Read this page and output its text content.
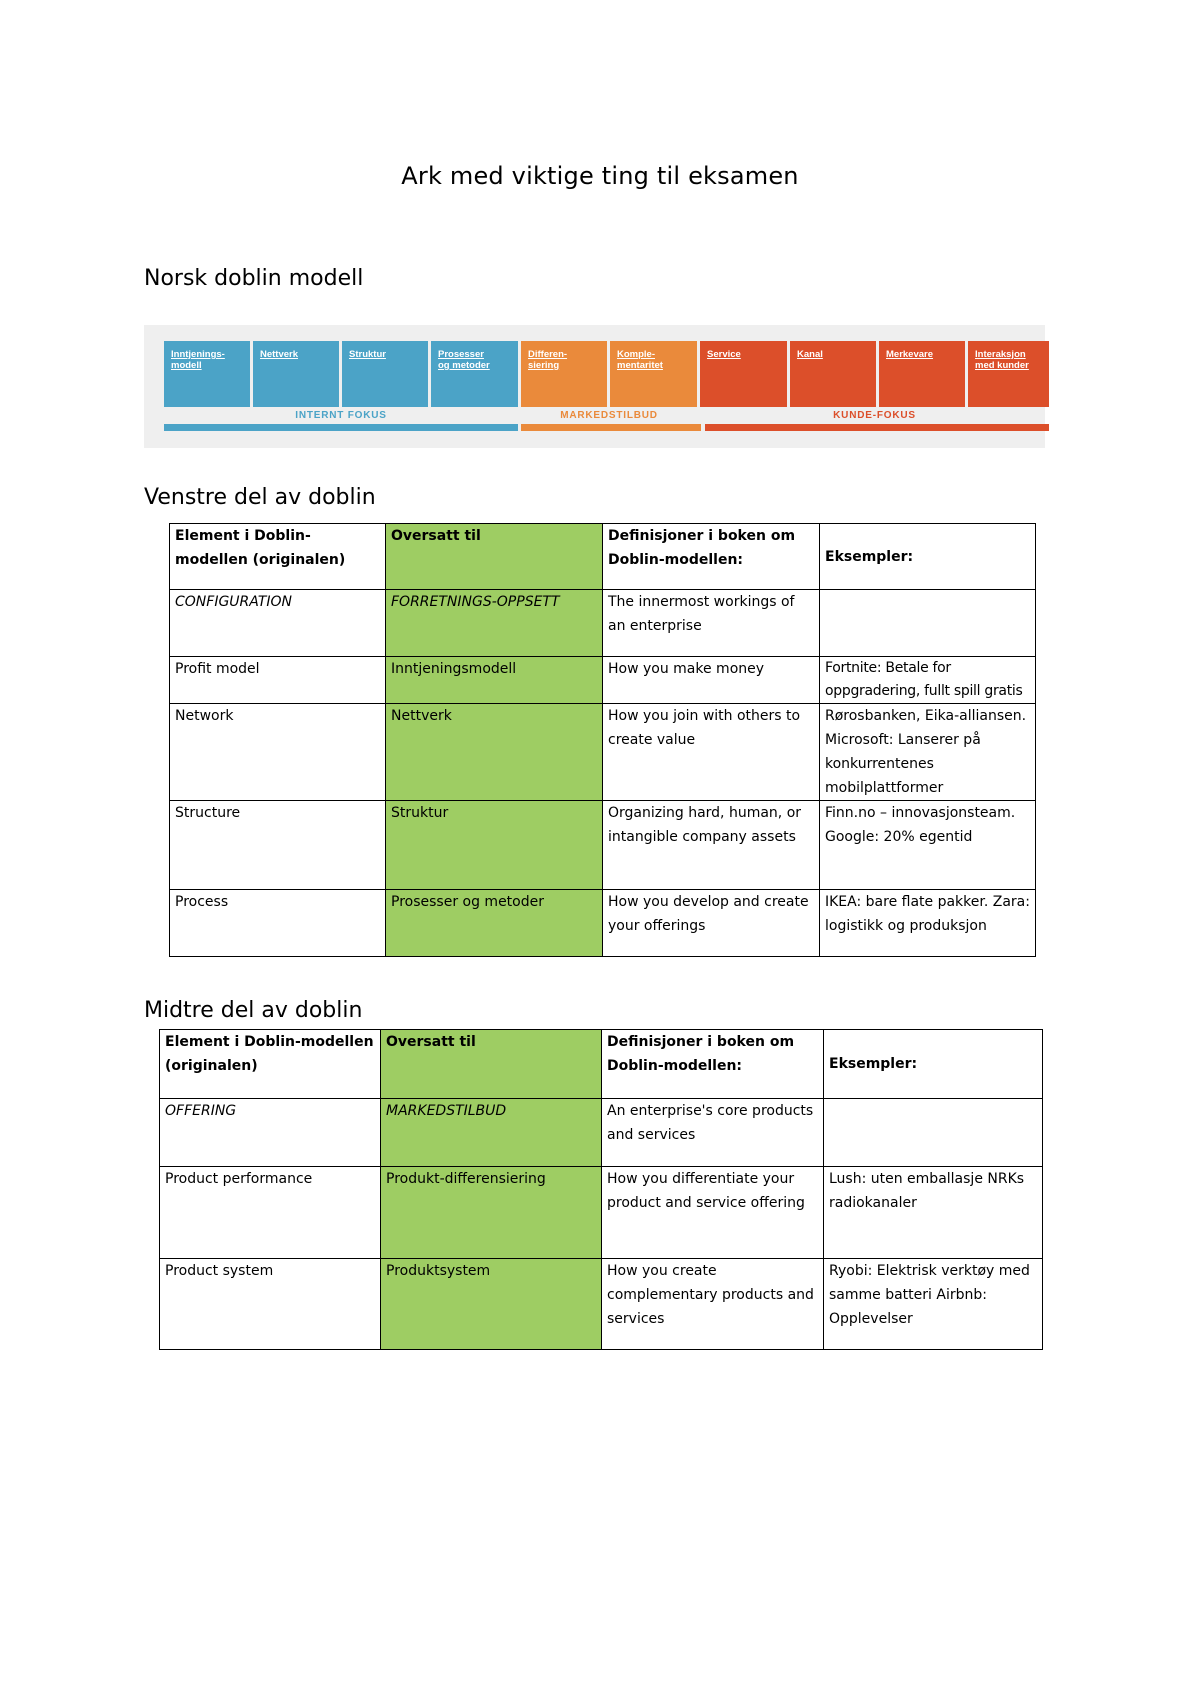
Ark med viktige ting til eksamen
Norsk doblin modell
Inntjenings-
modell
Nettverk	Struktur	Prosesser
og metoder
Differen-
siering
Komple-
mentaritet
Service	Kanal	Merkevare	Interaksjon
med kunder
INTERNT FOKUS	MARKEDSTILBUD	KUNDE-FOKUS
Venstre del av doblin
Element i Doblin-modellen (originalen)	Oversatt til	Definisjoner i boken om Doblin-modellen:	Eksempler:
CONFIGURATION	FORRETNINGS-OPPSETT	The innermost workings of an enterprise	
Profit model	Inntjeningsmodell	How you make money	Fortnite: Betale for oppgradering, fullt spill gratis
Network	Nettverk	How you join with others to create value	Rørosbanken, Eika-alliansen. Microsoft: Lanserer på konkurrentenes mobilplattformer
Structure	Struktur	Organizing hard, human, or intangible company assets	Finn.no – innovasjonsteam. Google: 20% egentid
Process	Prosesser og metoder	How you develop and create your offerings	IKEA: bare flate pakker. Zara: logistikk og produksjon
Midtre del av doblin
Element i Doblin-modellen (originalen)	Oversatt til	Definisjoner i boken om Doblin-modellen:	Eksempler:
OFFERING	MARKEDSTILBUD	An enterprise's core products and services	
Product performance	Produkt-differensiering	How you differentiate your product and service offering	Lush: uten emballasje NRKs radiokanaler
Product system	Produktsystem	How you create complementary products and services	Ryobi: Elektrisk verktøy med samme batteri Airbnb: Opplevelser
